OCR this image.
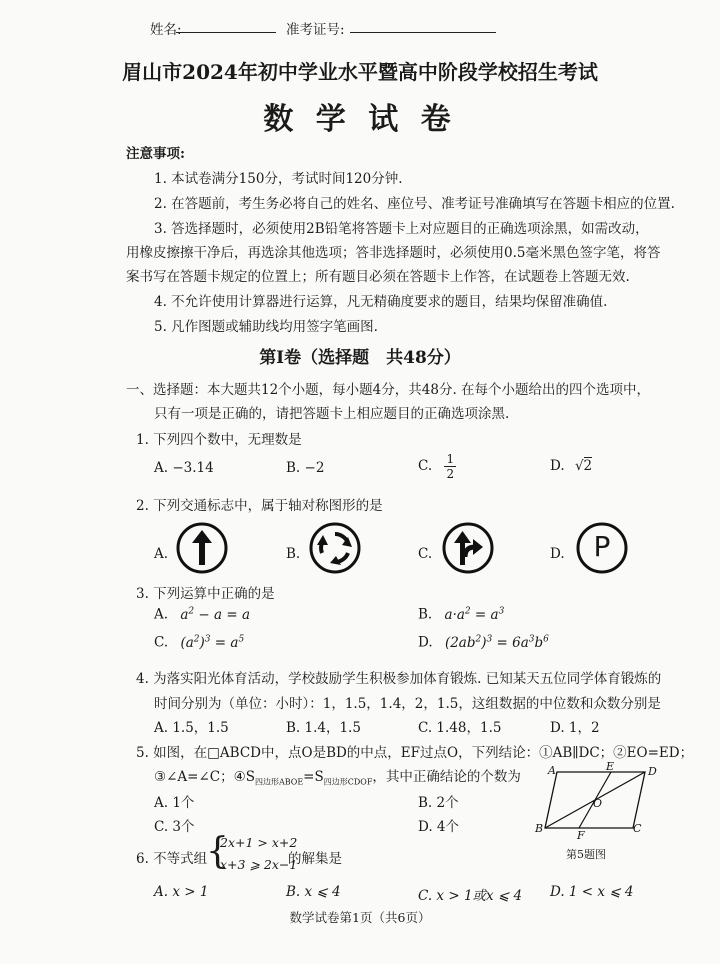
姓名:	准考证号:
眉山市2024年初中学业水平暨高中阶段学校招生考试
数 学 试 卷
注意事项:
1. 本试卷满分150分，考试时间120分钟.
2. 在答题前，考生务必将自己的姓名、座位号、准考证号准确填写在答题卡相应的位置.
3. 答选择题时，必须使用2B铅笔将答题卡上对应题目的正确选项涂黑，如需改动，
用橡皮擦擦干净后，再选涂其他选项；答非选择题时，必须使用0.5毫米黑色签字笔，将答
案书写在答题卡规定的位置上；所有题目必须在答题卡上作答，在试题卷上答题无效.
4. 不允许使用计算器进行运算，凡无精确度要求的题目，结果均保留准确值.
5. 凡作图题或辅助线均用签字笔画图.
第Ⅰ卷（选择题　共48分）
一、选择题：本大题共12个小题，每小题4分，共48分. 在每个小题给出的四个选项中，
只有一项是正确的，请把答题卡上相应题目的正确选项涂黑.
1. 下列四个数中，无理数是
A. −3.14	B. −2	C. $\frac{1}{2}$	D. √2
2. 下列交通标志中，属于轴对称图形的是
A.	B.	C.	D.	P
3. 下列运算中正确的是
A. $a^2 - a = a$	B. $a\cdot a^2 = a^3$
C. $(a^2)^3 = a^5$	D. $(2ab^2)^3 = 6a^3b^6$
4. 为落实阳光体育活动，学校鼓励学生积极参加体育锻炼. 已知某天五位同学体育锻炼的
时间分别为（单位：小时）：1，1.5，1.4，2，1.5，这组数据的中位数和众数分别是
A. 1.5，1.5	B. 1.4，1.5	C. 1.48，1.5	D. 1，2
5. 如图，在□ABCD中，点O是BD的中点，EF过点O，下列结论：①AB∥DC；②EO=ED；
③∠A=∠C；$④S_{四边形ABOE}=S_{四边形CDOF}$，其中正确结论的个数为
A. 1个	B. 2个
C. 3个	D. 4个
A	E	D
O
B
F
C
第5题图
6. 不等式组
{
2x+1 > x+2
x+3 ⩾ 2x−1
的解集是
A. x > 1	B. x ⩽ 4	C. x > 1或x ⩽ 4 D. 1 < x ⩽ 4
数学试卷第1页（共6页）
